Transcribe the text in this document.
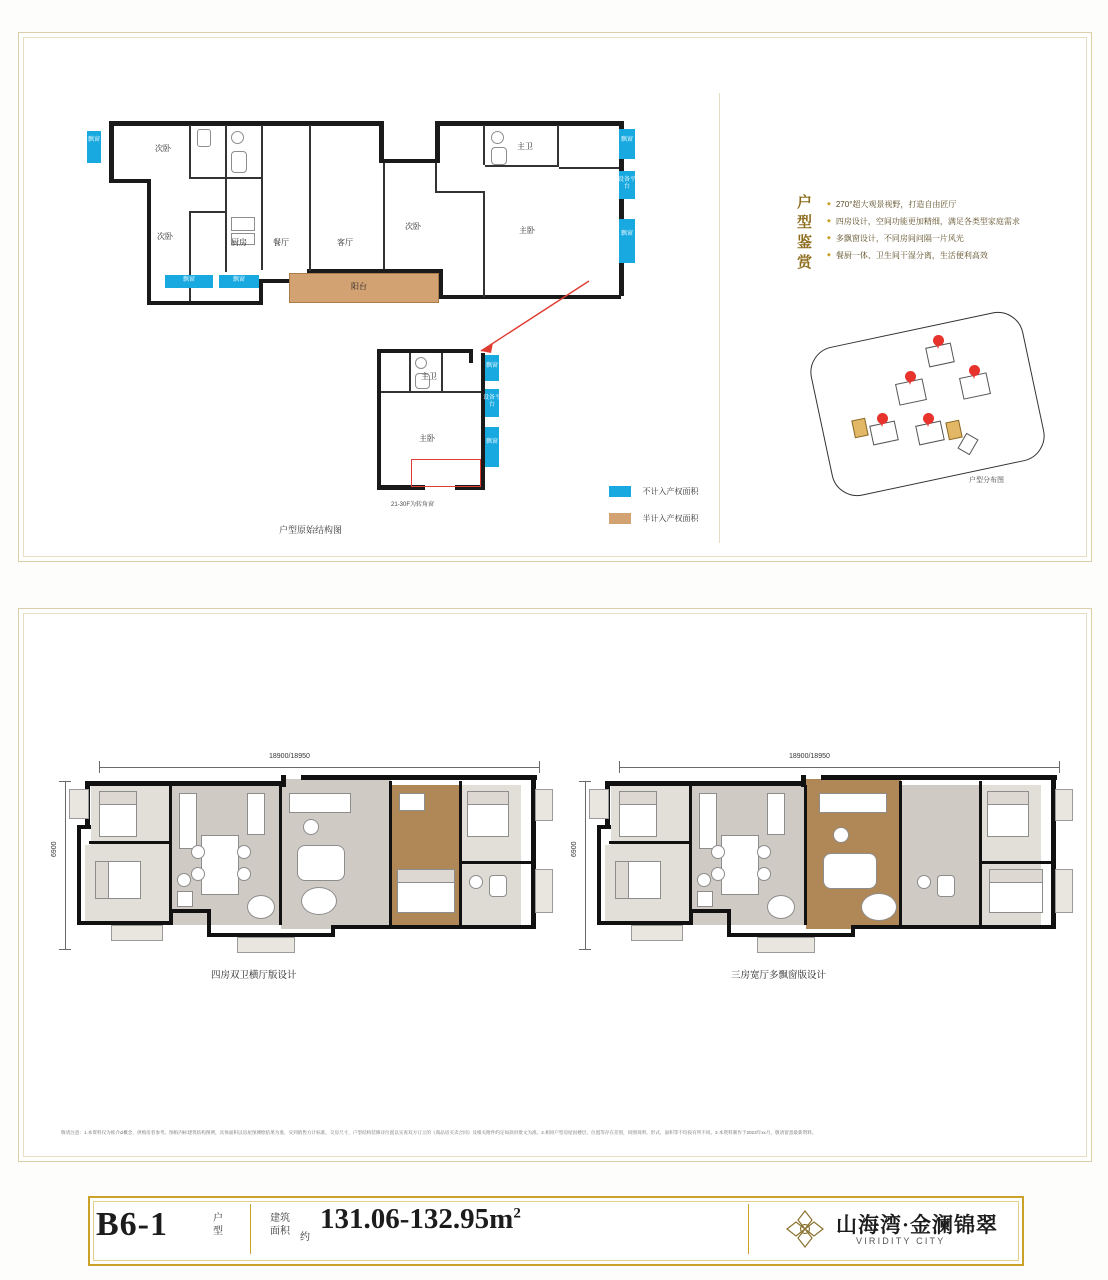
飘窗
飘窗	飘窗
飘窗
设备平台
飘窗
阳台
次卧
次卧
厨房	餐厅	客厅
次卧	主卧
主卫
户型原始结构图
飘窗
设备平台
飘窗
主卧
主卫
21-30F为转角窗
不计入产权面积
半计入产权面积
户
型
鉴
赏
◆ 270°超大观景视野，打造自由匠厅
◆ 四房设计，空间功能更加精细，满足各类型家庭需求
◆ 多飘窗设计，不同房间问隔一片风光
◆ 餐厨一体、卫生间干湿分离，生活便利高效
户型分布图
18900/18950
6900
四房双卫横厅版设计
18900/18950
6900
三房宽厅多飘窗版设计
敬请注意：1.本资料仅为推介ద概念，供购房者参考。图纸内标建筑结构图例，具体面积以房屋预测绘结果为准，实到销售方计标准。交房尺寸，户型结构装修详位置以实查双方订立的《商品房买卖合同》及相关附件约定如款府批文为准。2.相同户型房屋因楼层、位置等存在差别，同图说明、形式、面积等不均按有所不同。3.本资料制作于2023年xx月，敬请留意最新资料。
B6-1	户型
建筑面积
约
$131.06-132.95m^2$	山海湾·金澜锦翠
VIRIDITY CITY
